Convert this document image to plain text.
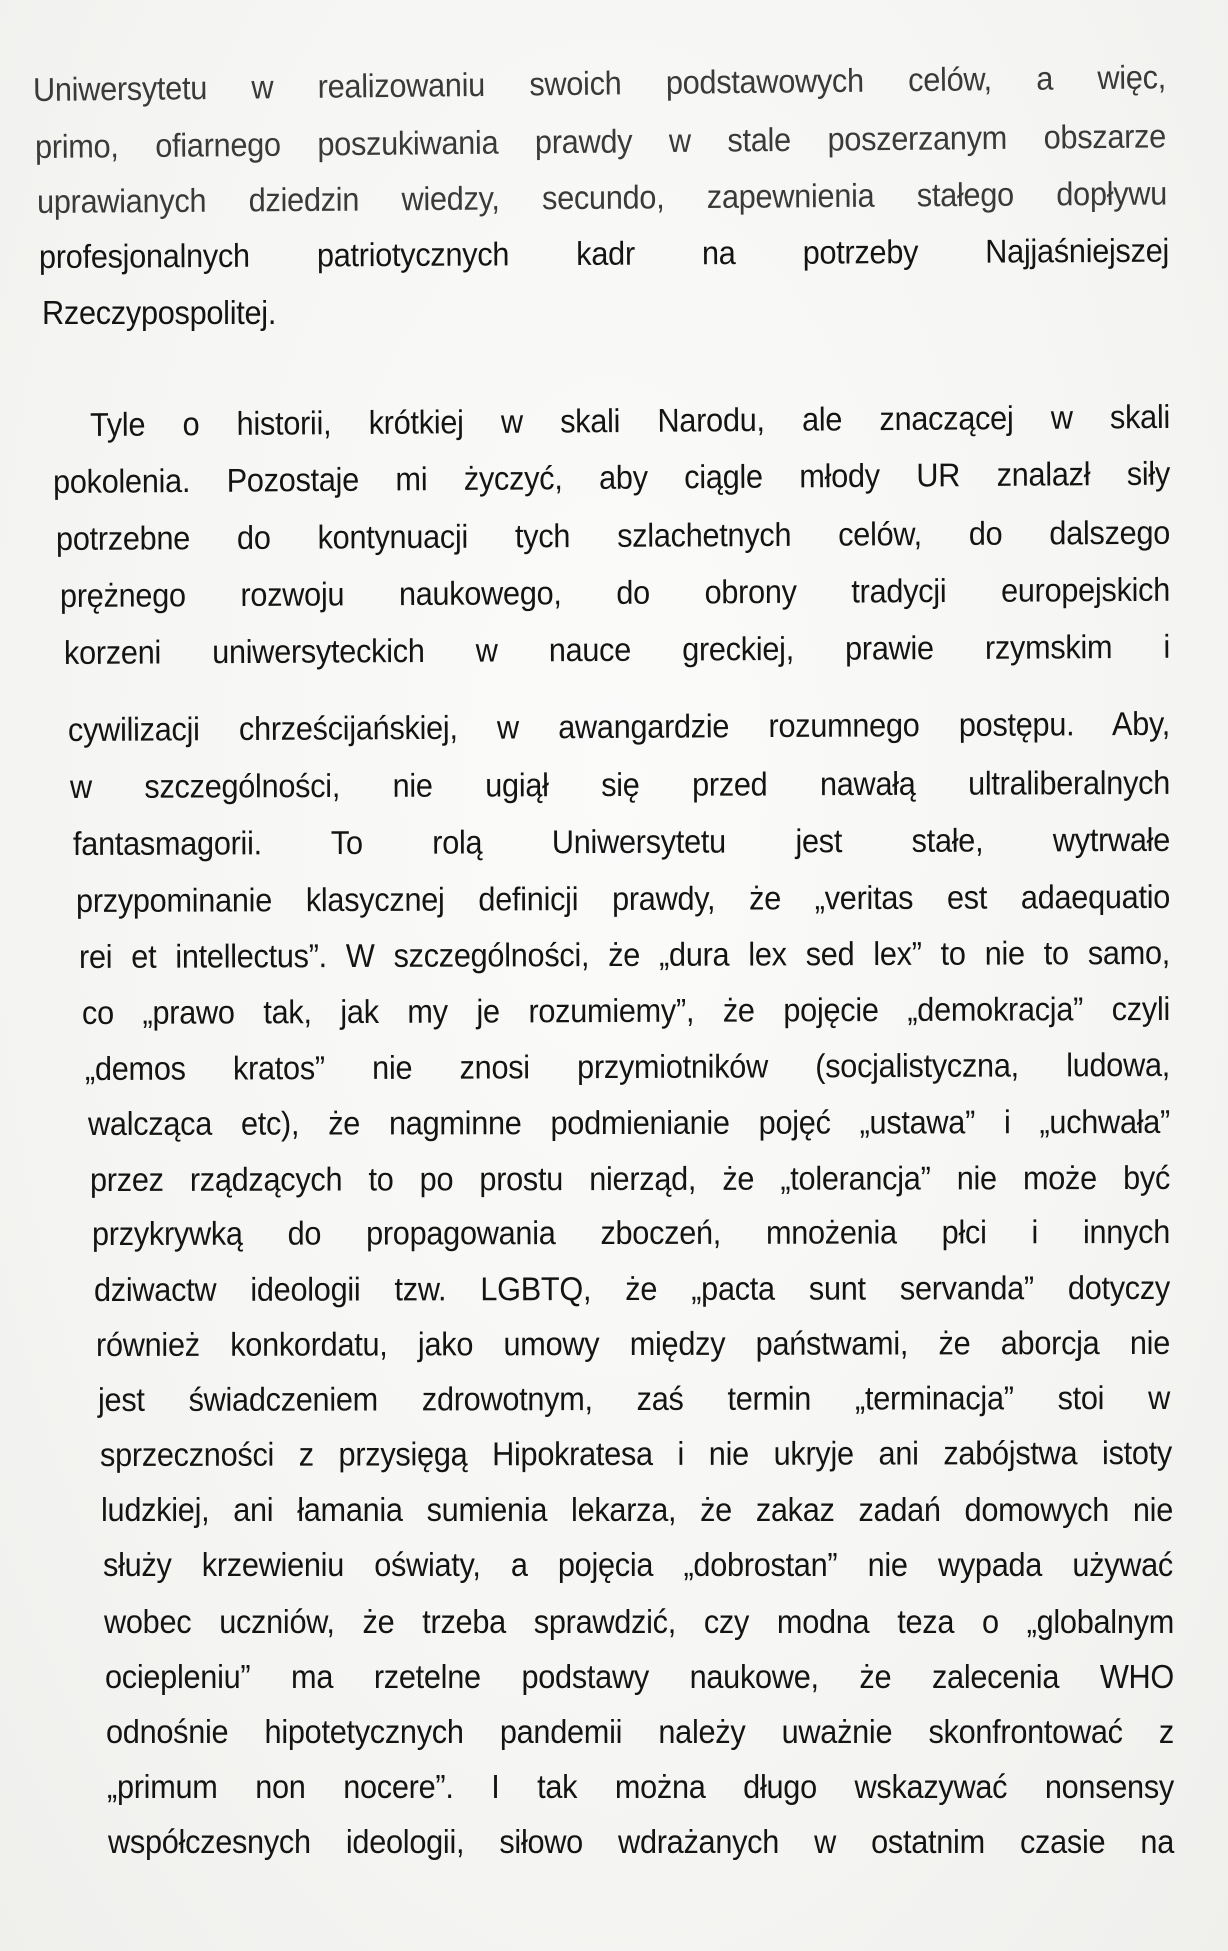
Uniwersytetu w realizowaniu swoich podstawowych celów, a więc,
primo, ofiarnego poszukiwania prawdy w stale poszerzanym obszarze
uprawianych dziedzin wiedzy, secundo, zapewnienia stałego dopływu
profesjonalnych patriotycznych kadr na potrzeby Najjaśniejszej
Rzeczypospolitej.
Tyle o historii, krótkiej w skali Narodu, ale znaczącej w skali
pokolenia. Pozostaje mi życzyć, aby ciągle młody UR znalazł siły
potrzebne do kontynuacji tych szlachetnych celów, do dalszego
prężnego rozwoju naukowego, do obrony tradycji europejskich
korzeni uniwersyteckich w nauce greckiej, prawie rzymskim i
cywilizacji chrześcijańskiej, w awangardzie rozumnego postępu. Aby,
w szczególności, nie ugiął się przed nawałą ultraliberalnych
fantasmagorii. To rolą Uniwersytetu jest stałe, wytrwałe
przypominanie klasycznej definicji prawdy, że „veritas est adaequatio
rei et intellectus”. W szczególności, że „dura lex sed lex” to nie to samo,
co „prawo tak, jak my je rozumiemy”, że pojęcie „demokracja” czyli
„demos kratos” nie znosi przymiotników (socjalistyczna, ludowa,
walcząca etc), że nagminne podmienianie pojęć „ustawa” i „uchwała”
przez rządzących to po prostu nierząd, że „tolerancja” nie może być
przykrywką do propagowania zboczeń, mnożenia płci i innych
dziwactw ideologii tzw. LGBTQ, że „pacta sunt servanda” dotyczy
również konkordatu, jako umowy między państwami, że aborcja nie
jest świadczeniem zdrowotnym, zaś termin „terminacja” stoi w
sprzeczności z przysięgą Hipokratesa i nie ukryje ani zabójstwa istoty
ludzkiej, ani łamania sumienia lekarza, że zakaz zadań domowych nie
służy krzewieniu oświaty, a pojęcia „dobrostan” nie wypada używać
wobec uczniów, że trzeba sprawdzić, czy modna teza o „globalnym
ociepleniu” ma rzetelne podstawy naukowe, że zalecenia WHO
odnośnie hipotetycznych pandemii należy uważnie skonfrontować z
„primum non nocere”. I tak można długo wskazywać nonsensy
współczesnych ideologii, siłowo wdrażanych w ostatnim czasie na
